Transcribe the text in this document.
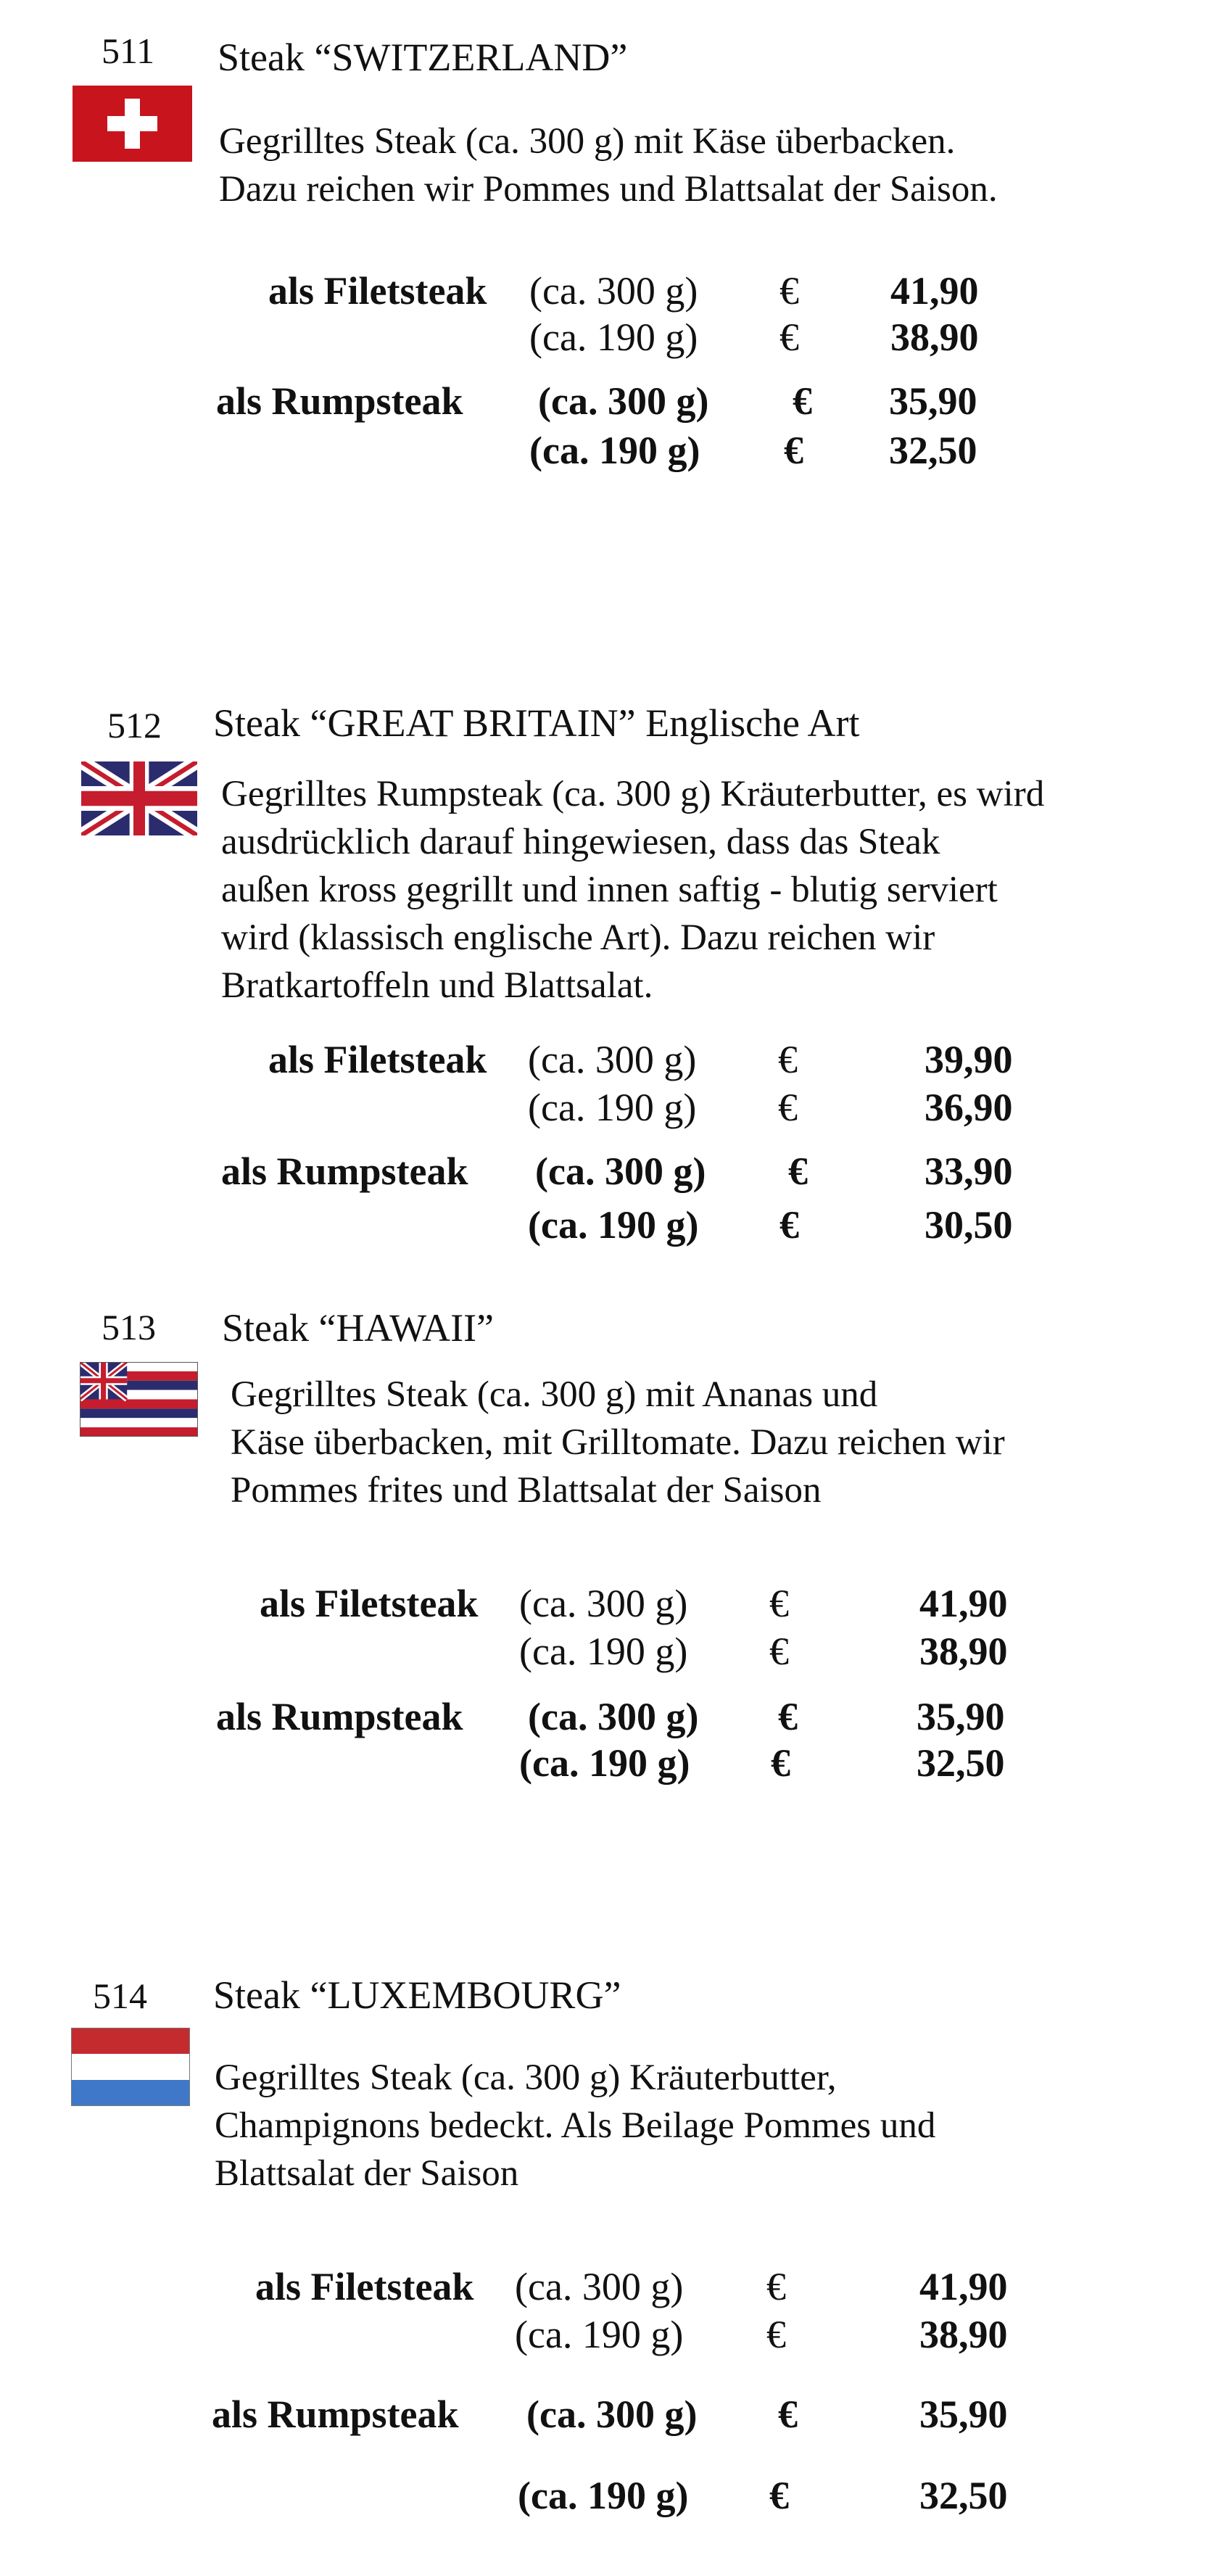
511 Steak “SWITZERLAND”
Gegrilltes Steak (ca. 300 g) mit Käse überbacken.
Dazu reichen wir Pommes und Blattsalat der Saison.
als Filetsteak (ca. 300 g) € 41,90
(ca. 190 g) € 38,90
als Rumpsteak (ca. 300 g) € 35,90
(ca. 190 g) € 32,50
512 Steak “GREAT BRITAIN” Englische Art
Gegrilltes Rumpsteak (ca. 300 g) Kräuterbutter, es wird
ausdrücklich darauf hingewiesen, dass das Steak
außen kross gegrillt und innen saftig - blutig serviert
wird (klassisch englische Art). Dazu reichen wir
Bratkartoffeln und Blattsalat.
als Filetsteak (ca. 300 g) €	39,90
(ca. 190 g) €	36,90
als Rumpsteak (ca. 300 g) €	33,90
(ca. 190 g) €	30,50
513 Steak “HAWAII”
Gegrilltes Steak (ca. 300 g) mit Ananas und
Käse überbacken, mit Grilltomate. Dazu reichen wir
Pommes frites und Blattsalat der Saison
als Filetsteak (ca. 300 g) €	41,90
(ca. 190 g) €	38,90
als Rumpsteak (ca. 300 g) €	35,90
(ca. 190 g) €	32,50
514 Steak “LUXEMBOURG”
Gegrilltes Steak (ca. 300 g) Kräuterbutter,
Champignons bedeckt. Als Beilage Pommes und
Blattsalat der Saison
als Filetsteak (ca. 300 g) €	41,90
(ca. 190 g) €	38,90
als Rumpsteak (ca. 300 g) €	35,90
(ca. 190 g) €	32,50
